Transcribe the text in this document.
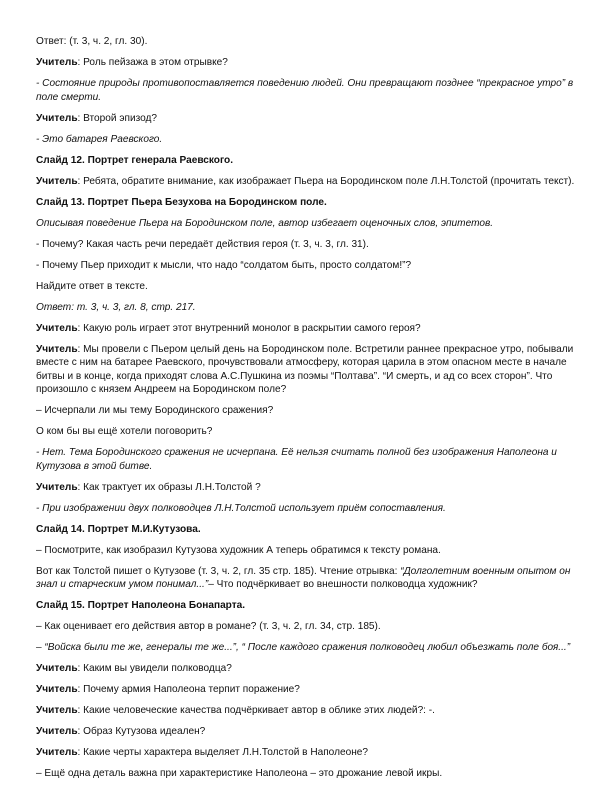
Ответ: (т. 3, ч. 2, гл. 30).

Учитель: Роль пейзажа в этом отрывке?

- Состояние природы противопоставляется поведению людей. Они превращают позднее “прекрасное утро” в поле смерти.

Учитель: Второй эпизод?

- Это батарея Раевского.

Слайд 12. Портрет генерала Раевского.

Учитель: Ребята, обратите внимание, как изображает Пьера на Бородинском поле Л.Н.Толстой (прочитать текст).

Слайд 13. Портрет Пьера Безухова на Бородинском поле.

Описывая поведение Пьера на Бородинском поле, автор избегает оценочных слов, эпитетов.

- Почему? Какая часть речи передаёт действия героя (т. 3, ч. 3, гл. 31).

- Почему Пьер приходит к мысли, что надо “солдатом быть, просто солдатом!”?

Найдите ответ в тексте.

Ответ: т. 3, ч. 3, гл. 8, стр. 217.

Учитель: Какую роль играет этот внутренний монолог в раскрытии самого героя?

Учитель: Мы провели с Пьером целый день на Бородинском поле. Встретили раннее прекрасное утро, побывали вместе с ним на батарее Раевского, прочувствовали атмосферу, которая царила в этом опасном месте в начале битвы и в конце, когда приходят слова А.С.Пушкина из поэмы “Полтава”. “И смерть, и ад со всех сторон”. Что произошло с князем Андреем на Бородинском поле?

– Исчерпали ли мы тему Бородинского сражения?

О ком бы вы ещё хотели поговорить?

- Нет. Тема Бородинского сражения не исчерпана. Её нельзя считать полной без изображения Наполеона и Кутузова в этой битве.

Учитель: Как трактует их образы Л.Н.Толстой ?

- При изображении двух полководцев Л.Н.Толстой использует приём сопоставления.

Слайд 14. Портрет М.И.Кутузова.

– Посмотрите, как изобразил Кутузова художник А теперь обратимся к тексту романа.

Вот как Толстой пишет о Кутузове (т. 3, ч. 2, гл. 35 стр. 185). Чтение отрывка: “Долголетним военным опытом он знал и старческим умом понимал...”– Что подчёркивает во внешности полководца художник?

Слайд 15. Портрет Наполеона Бонапарта.

– Как оценивает его действия автор в романе? (т. 3, ч. 2, гл. 34, стр. 185).

– “Войска были те же, генералы те же...”, “ После каждого сражения полководец любил объезжать поле боя...”

Учитель: Каким вы увидели полководца?

Учитель: Почему армия Наполеона терпит поражение?

Учитель: Какие человеческие качества подчёркивает автор в облике этих людей?: -.

Учитель: Образ Кутузова идеален?

Учитель: Какие черты характера выделяет Л.Н.Толстой в Наполеоне?

– Ещё одна деталь важна при характеристике Наполеона – это дрожание левой икры.
